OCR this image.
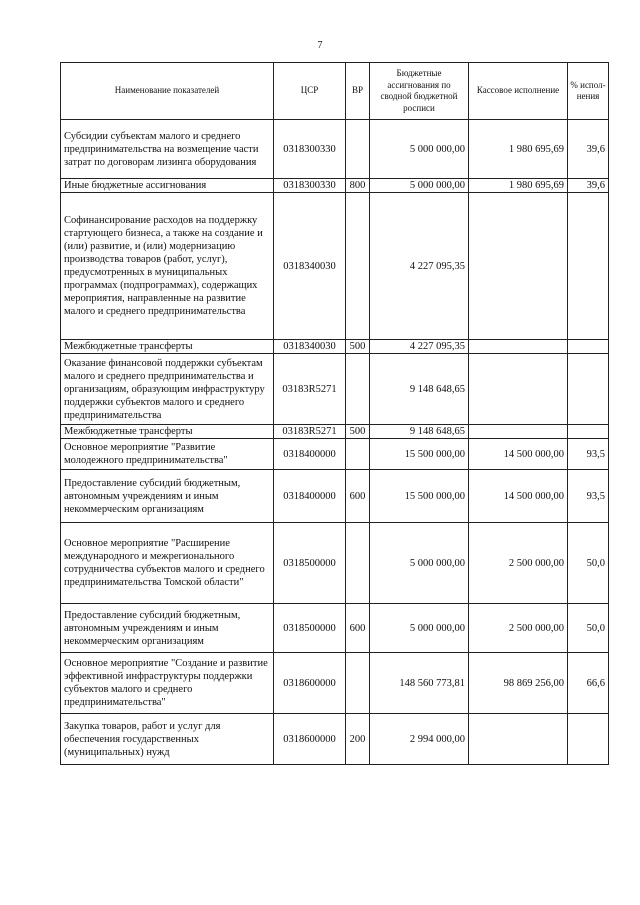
7
Наименование показателей	ЦСР	ВР	Бюджетные ассигнования по сводной бюджетной росписи	Кассовое исполнение	% испол-нения
Субсидии субъектам малого и среднего предпринимательства на возмещение части затрат по договорам лизинга оборудования	0318300330		5 000 000,00	1 980 695,69	39,6
Иные бюджетные ассигнования	0318300330	800	5 000 000,00	1 980 695,69	39,6
Софинансирование расходов на поддержку стартующего бизнеса, а также на создание и (или) развитие, и (или) модернизацию производства товаров (работ, услуг), предусмотренных в муниципальных программах (подпрограммах), содержащих мероприятия, направленные на развитие малого и среднего предпринимательства	0318340030		4 227 095,35		
Межбюджетные трансферты	0318340030	500	4 227 095,35		
Оказание финансовой поддержки субъектам малого и среднего предпринимательства и организациям, образующим инфраструктуру поддержки субъектов малого и среднего предпринимательства	03183R5271		9 148 648,65		
Межбюджетные трансферты	03183R5271	500	9 148 648,65		
Основное мероприятие "Развитие молодежного предпринимательства"	0318400000		15 500 000,00	14 500 000,00	93,5
Предоставление субсидий бюджетным, автономным учреждениям и иным некоммерческим организациям	0318400000	600	15 500 000,00	14 500 000,00	93,5
Основное мероприятие "Расширение международного и межрегионального сотрудничества субъектов малого и среднего предпринимательства Томской области"	0318500000		5 000 000,00	2 500 000,00	50,0
Предоставление субсидий бюджетным, автономным учреждениям и иным некоммерческим организациям	0318500000	600	5 000 000,00	2 500 000,00	50,0
Основное мероприятие "Создание и развитие эффективной инфраструктуры поддержки субъектов малого и среднего предпринимательства"	0318600000		148 560 773,81	98 869 256,00	66,6
Закупка товаров, работ и услуг для обеспечения государственных (муниципальных) нужд	0318600000	200	2 994 000,00		
